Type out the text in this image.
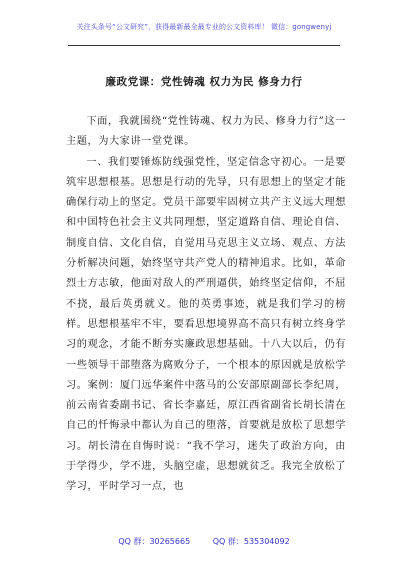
关注头条号“公文研究”，获得最新最全最专业的公文资料库！ 微信：gongwenyj
廉政党课：党性铸魂 权力为民 修身力行

下面，我就围绕“党性铸魂、权力为民、修身力行”这一主题，为大家讲一堂党课。

一、我们要锤炼防线强党性，坚定信念守初心。一是要筑牢思想根基。思想是行动的先导，只有思想上的坚定才能确保行动上的坚定。党员干部要牢固树立共产主义远大理想和中国特色社会主义共同理想，坚定道路自信、理论自信、制度自信、文化自信，自觉用马克思主义立场、观点、方法分析解决问题，始终坚守共产党人的精神追求。比如，革命烈士方志敏，他面对敌人的严刑逼供，始终坚定信仰，不屈不挠，最后英勇就义。他的英勇事迹，就是我们学习的榜样。思想根基牢不牢，要看思想境界高不高只有树立终身学习的观念，才能不断夯实廉政思想基础。十八大以后，仍有一些领导干部堕落为腐败分子，一个根本的原因就是放松学习。案例：厦门远华案件中落马的公安部原副部长李纪周，前云南省委副书记、省长李嘉廷，原江西省副省长胡长清在自己的忏悔录中都认为自己的堕落，首要就是放松了思想学习。胡长清在自悔时说：“我不学习，迷失了政治方向，由于学得少，学不进，头脑空虚，思想就贫乏。我完全放松了学习，平时学习一点，也

QQ 群：30265665	QQ 群：535304092
